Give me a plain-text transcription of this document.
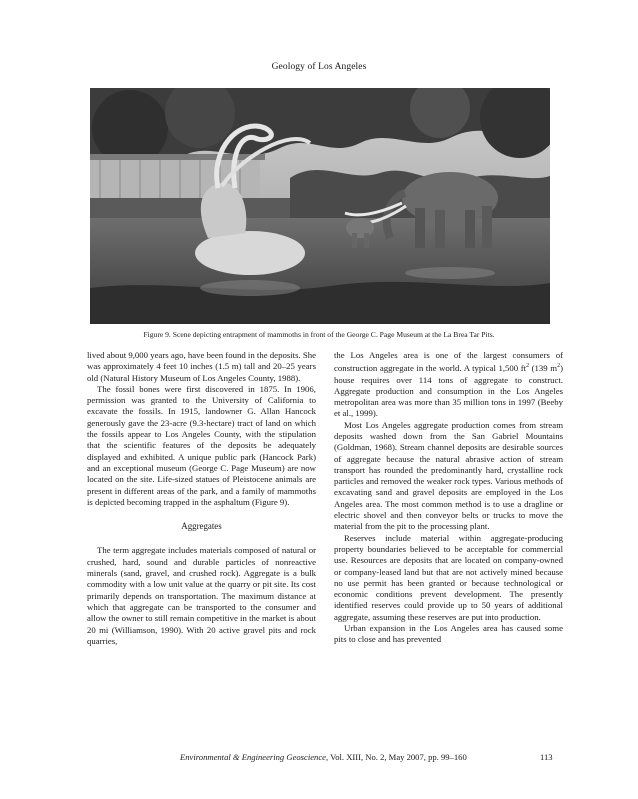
Geology of Los Angeles
Figure 9. Scene depicting entrapment of mammoths in front of the George C. Page Museum at the La Brea Tar Pits.

lived about 9,000 years ago, have been found in the deposits. She was approximately 4 feet 10 inches (1.5 m) tall and 20–25 years old (Natural History Museum of Los Angeles County, 1988).

The fossil bones were first discovered in 1875. In 1906, permission was granted to the University of California to excavate the fossils. In 1915, landowner G. Allan Hancock generously gave the 23-acre (9.3-hectare) tract of land on which the fossils appear to Los Angeles County, with the stipulation that the scientific features of the deposits be adequately displayed and exhibited. A unique public park (Hancock Park) and an exceptional museum (George C. Page Museum) are now located on the site. Life-sized statues of Pleistocene animals are present in different areas of the park, and a family of mammoths is depicted becoming trapped in the asphaltum (Figure 9).

Aggregates

The term aggregate includes materials composed of natural or crushed, hard, sound and durable particles of nonreactive minerals (sand, gravel, and crushed rock). Aggregate is a bulk commodity with a low unit value at the quarry or pit site. Its cost primarily depends on transportation. The maximum distance at which that aggregate can be transported to the consumer and allow the owner to still remain competitive in the market is about 20 mi (Williamson, 1990). With 20 active gravel pits and rock quarries,

the Los Angeles area is one of the largest consumers of construction aggregate in the world. A typical 1,500 $ft^2$ (139 $m^2$) house requires over 114 tons of aggregate to construct. Aggregate production and consumption in the Los Angeles metropolitan area was more than 35 million tons in 1997 (Beeby et al., 1999).

Most Los Angeles aggregate production comes from stream deposits washed down from the San Gabriel Mountains (Goldman, 1968). Stream channel deposits are desirable sources of aggregate because the natural abrasive action of stream transport has rounded the predominantly hard, crystalline rock particles and removed the weaker rock types. Various methods of excavating sand and gravel deposits are employed in the Los Angeles area. The most common method is to use a dragline or electric shovel and then conveyor belts or trucks to move the material from the pit to the processing plant.

Reserves include material within aggregate-producing property boundaries believed to be acceptable for commercial use. Resources are deposits that are located on company-owned or company-leased land but that are not actively mined because no use permit has been granted or because technological or economic conditions prevent development. The presently identified reserves could provide up to 50 years of additional aggregate, assuming these reserves are put into production.

Urban expansion in the Los Angeles area has caused some pits to close and has prevented

Environmental & Engineering Geoscience, Vol. XIII, No. 2, May 2007, pp. 99–160	113
